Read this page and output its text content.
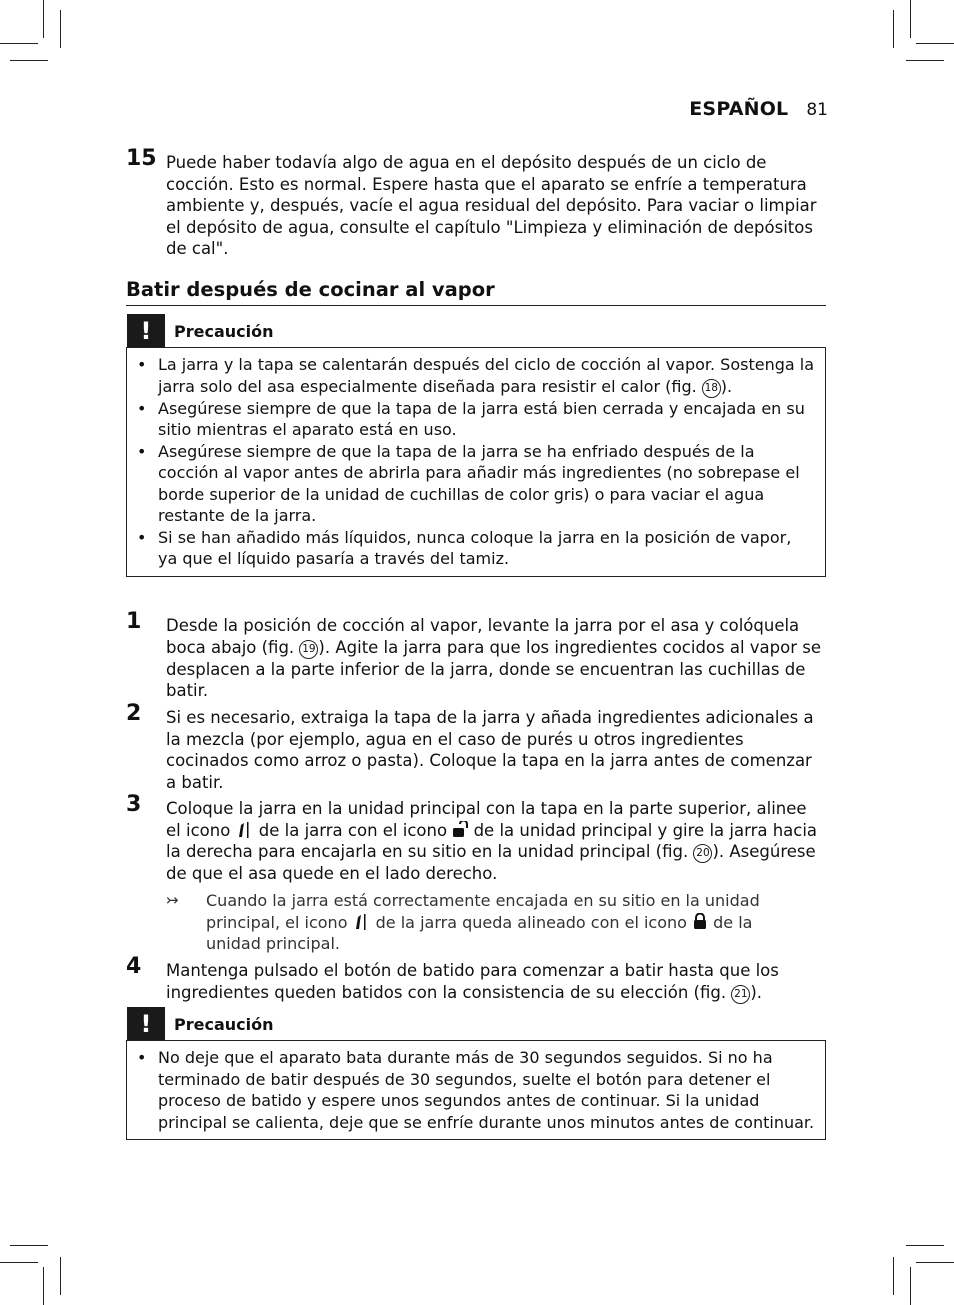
ESPAÑOL 81
15 Puede haber todavía algo de agua en el depósito después de un ciclo de cocción. Esto es normal. Espere hasta que el aparato se enfríe a temperatura ambiente y, después, vacíe el agua residual del depósito. Para vaciar o limpiar el depósito de agua, consulte el capítulo "Limpieza y eliminación de depósitos de cal".
Batir después de cocinar al vapor
!	Precaución
• La jarra y la tapa se calentarán después del ciclo de cocción al vapor. Sostenga la jarra solo del asa especialmente diseñada para resistir el calor (fig. 18 ).
• Asegúrese siempre de que la tapa de la jarra está bien cerrada y encajada en su sitio mientras el aparato está en uso.
• Asegúrese siempre de que la tapa de la jarra se ha enfriado después de la cocción al vapor antes de abrirla para añadir más ingredientes (no sobrepase el borde superior de la unidad de cuchillas de color gris) o para vaciar el agua restante de la jarra.
• Si se han añadido más líquidos, nunca coloque la jarra en la posición de vapor, ya que el líquido pasaría a través del tamiz.
1 Desde la posición de cocción al vapor, levante la jarra por el asa y colóquela boca abajo (fig. 19 ). Agite la jarra para que los ingredientes cocidos al vapor se desplacen a la parte inferior de la jarra, donde se encuentran las cuchillas de batir.
2 Si es necesario, extraiga la tapa de la jarra y añada ingredientes adicionales a la mezcla (por ejemplo, agua en el caso de purés u otros ingredientes cocinados como arroz o pasta). Coloque la tapa en la jarra antes de comenzar a batir.
3 Coloque la jarra en la unidad principal con la tapa en la parte superior, alinee el icono  de la jarra con el icono  de la unidad principal y gire la jarra hacia la derecha para encajarla en su sitio en la unidad principal (fig. 20 ). Asegúrese de que el asa quede en el lado derecho.
↣ Cuando la jarra está correctamente encajada en su sitio en la unidad principal, el icono  de la jarra queda alineado con el icono  de la unidad principal.
4 Mantenga pulsado el botón de batido para comenzar a batir hasta que los ingredientes queden batidos con la consistencia de su elección (fig. 21 ).
!	Precaución
• No deje que el aparato bata durante más de 30 segundos seguidos. Si no ha terminado de batir después de 30 segundos, suelte el botón para detener el proceso de batido y espere unos segundos antes de continuar. Si la unidad principal se calienta, deje que se enfríe durante unos minutos antes de continuar.
